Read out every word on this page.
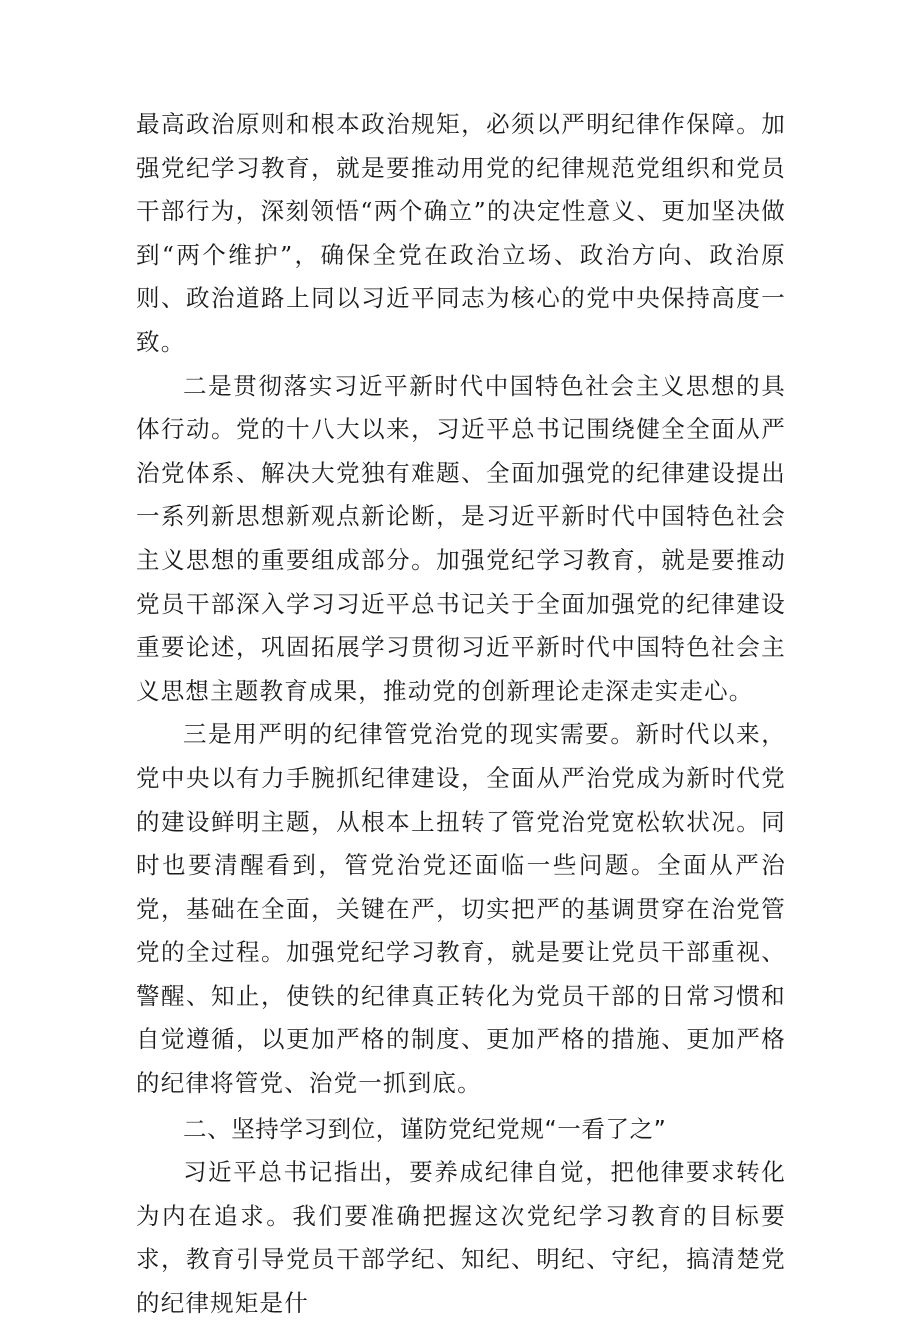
最高政治原则和根本政治规矩，必须以严明纪律作保障。加强党纪学习教育，就是要推动用党的纪律规范党组织和党员干部行为，深刻领悟“两个确立”的决定性意义、更加坚决做到“两个维护”，确保全党在政治立场、政治方向、政治原则、政治道路上同以习近平同志为核心的党中央保持高度一致。

二是贯彻落实习近平新时代中国特色社会主义思想的具体行动。党的十八大以来，习近平总书记围绕健全全面从严治党体系、解决大党独有难题、全面加强党的纪律建设提出一系列新思想新观点新论断，是习近平新时代中国特色社会主义思想的重要组成部分。加强党纪学习教育，就是要推动党员干部深入学习习近平总书记关于全面加强党的纪律建设重要论述，巩固拓展学习贯彻习近平新时代中国特色社会主义思想主题教育成果，推动党的创新理论走深走实走心。

三是用严明的纪律管党治党的现实需要。新时代以来，党中央以有力手腕抓纪律建设，全面从严治党成为新时代党的建设鲜明主题，从根本上扭转了管党治党宽松软状况。同时也要清醒看到，管党治党还面临一些问题。全面从严治党，基础在全面，关键在严，切实把严的基调贯穿在治党管党的全过程。加强党纪学习教育，就是要让党员干部重视、警醒、知止，使铁的纪律真正转化为党员干部的日常习惯和自觉遵循，以更加严格的制度、更加严格的措施、更加严格的纪律将管党、治党一抓到底。

二、坚持学习到位，谨防党纪党规“一看了之”

习近平总书记指出，要养成纪律自觉，把他律要求转化为内在追求。我们要准确把握这次党纪学习教育的目标要求，教育引导党员干部学纪、知纪、明纪、守纪，搞清楚党的纪律规矩是什
